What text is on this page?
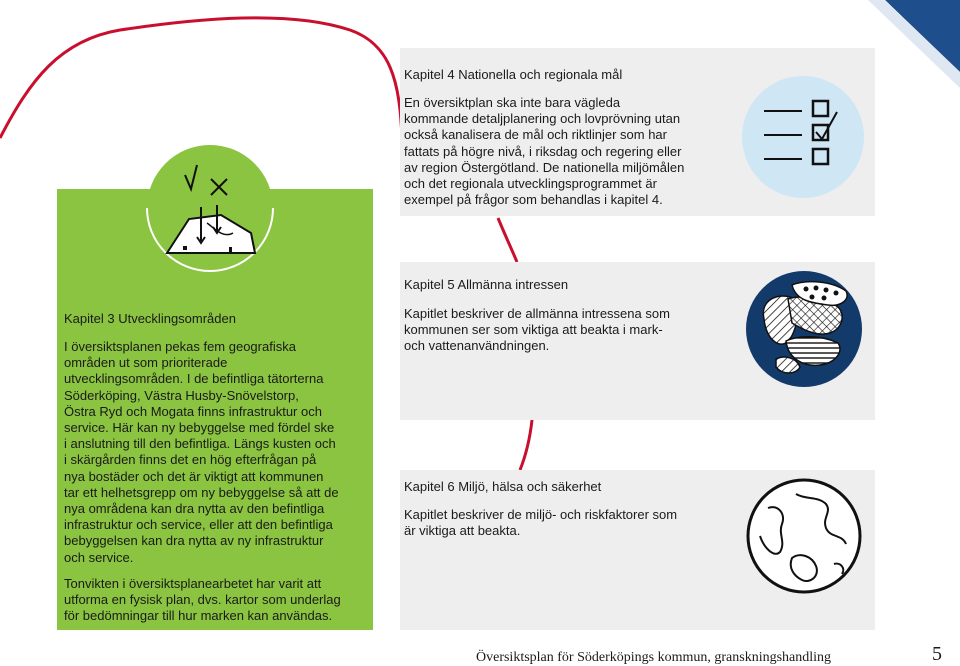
Kapitel 4 Nationella och regionala mål
En översiktplan ska inte bara vägleda
kommande detaljplanering och lovprövning utan
också kanalisera de mål och riktlinjer som har
fattats på högre nivå, i riksdag och regering eller
av region Östergötland. De nationella miljömålen
och det regionala utvecklingsprogrammet är
exempel på frågor som behandlas i kapitel 4.
Kapitel 5 Allmänna intressen
Kapitlet beskriver de allmänna intressena som
kommunen ser som viktiga att beakta i mark-
och vattenanvändningen.
Kapitel 6 Miljö, hälsa och säkerhet
Kapitlet beskriver de miljö- och riskfaktorer som
är viktiga att beakta.
Kapitel 3 Utvecklingsområden
I översiktsplanen pekas fem geografiska
områden ut som prioriterade
utvecklingsområden. I de befintliga tätorterna
Söderköping, Västra Husby-Snövelstorp,
Östra Ryd och Mogata finns infrastruktur och
service. Här kan ny bebyggelse med fördel ske
i anslutning till den befintliga. Längs kusten och
i skärgården finns det en hög efterfrågan på
nya bostäder och det är viktigt att kommunen
tar ett helhetsgrepp om ny bebyggelse så att de
nya områdena kan dra nytta av den befintliga
infrastruktur och service, eller att den befintliga
bebyggelsen kan dra nytta av ny infrastruktur
och service.
Tonvikten i översiktsplanearbetet har varit att
utforma en fysisk plan, dvs. kartor som underlag
för bedömningar till hur marken kan användas.
Översiktsplan för Söderköpings kommun, granskningshandling	5
